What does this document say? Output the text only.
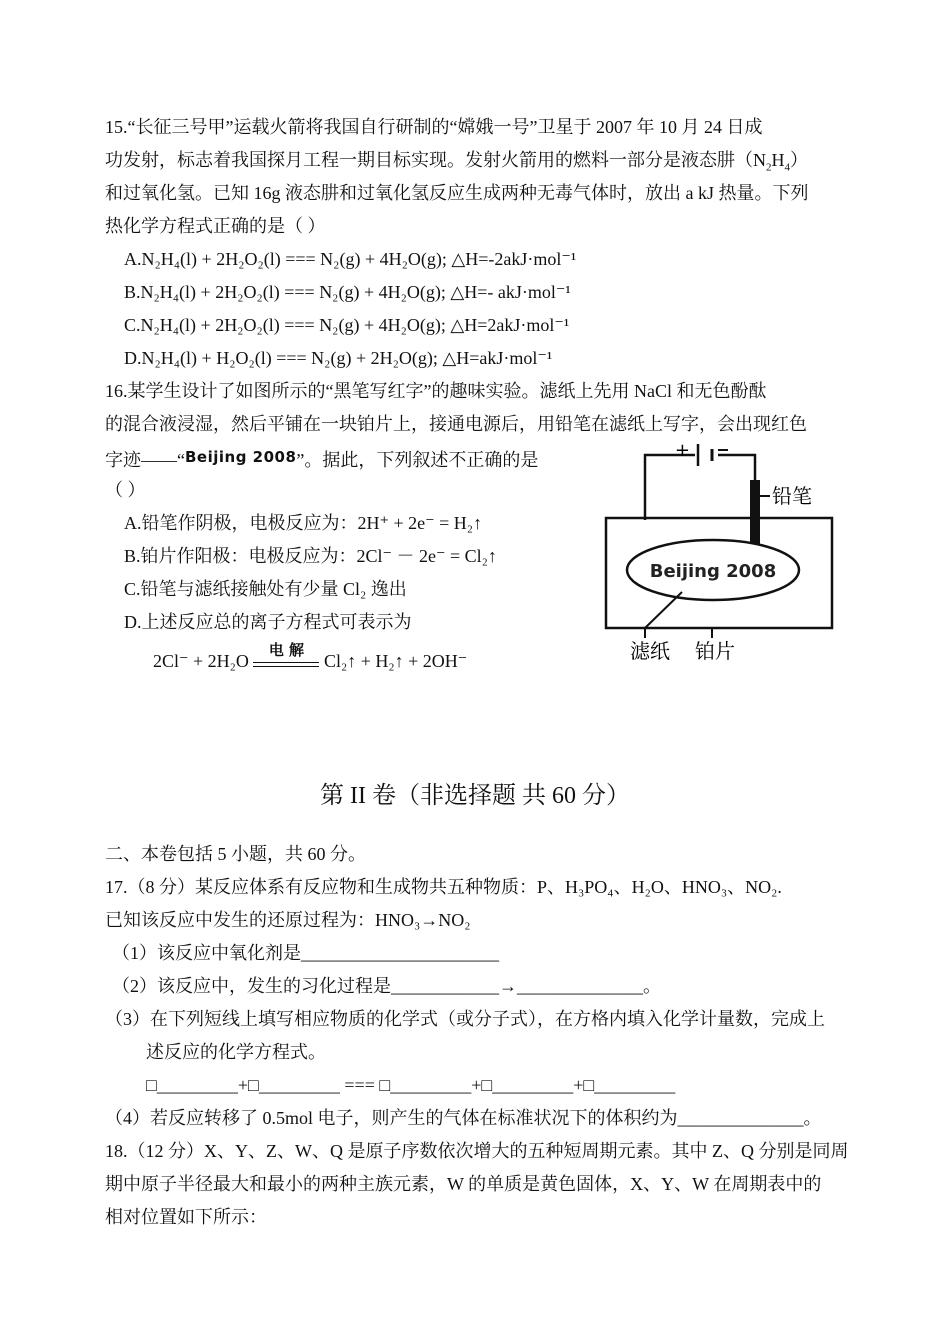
15.“长征三号甲”运载火箭将我国自行研制的“嫦娥一号”卫星于 2007 年 10 月 24 日成
功发射，标志着我国探月工程一期目标实现。发射火箭用的燃料一部分是液态肼$(N_2H_4)$
和过氧化氢。已知 16g 液态肼和过氧化氢反应生成两种无毒气体时，放出 a kJ 热量。下列
热化学方程式正确的是（ ）
A.N₂H₄(l) + 2H₂O₂(l) === N₂(g) + 4H₂O(g); △H=-2akJ·mol⁻¹
B.N₂H₄(l) + 2H₂O₂(l) === N₂(g) + 4H₂O(g); △H=- akJ·mol⁻¹
C.N₂H₄(l) + 2H₂O₂(l) === N₂(g) + 4H₂O(g); △H=2akJ·mol⁻¹
D.N₂H₄(l) + H₂O₂(l) === N₂(g) + 2H₂O(g); △H=akJ·mol⁻¹
16.某学生设计了如图所示的“黑笔写红字”的趣味实验。滤纸上先用 NaCl 和无色酚酞
的混合液浸湿，然后平铺在一块铂片上，接通电源后，用铅笔在滤纸上写字，会出现红色
字迹——“Beijing 2008”。据此，下列叙述不正确的是
（ ）
A.铅笔作阴极，电极反应为：2H⁺ + 2e⁻ = H₂↑
B.铂片作阳极：电极反应为：2Cl⁻ － 2e⁻ = Cl₂↑
C.铅笔与滤纸接触处有少量 Cl₂ 逸出
D.上述反应总的离子方程式可表示为
2Cl⁻ + 2H₂O
电 解
Cl₂↑ + H₂↑ + 2OH⁻
+
铅笔
Beijing 2008
滤纸 铂片
第 II 卷（非选择题 共 60 分）
二、本卷包括 5 小题，共 60 分。
17.（8 分）某反应体系有反应物和生成物共五种物质：P、H₃PO₄、H₂O、HNO₃、NO₂.
已知该反应中发生的还原过程为：HNO₃→NO₂
（1）该反应中氧化剂是______________________
（2）该反应中，发生的习化过程是____________→______________。
（3）在下列短线上填写相应物质的化学式（或分子式），在方格内填入化学计量数，完成上
述反应的化学方程式。
□_________+□_________ === □_________+□_________+□_________
（4）若反应转移了 0.5mol 电子，则产生的气体在标准状况下的体积约为______________。
18.（12 分）X、Y、Z、W、Q 是原子序数依次增大的五种短周期元素。其中 Z、Q 分别是同周
期中原子半径最大和最小的两种主族元素，W 的单质是黄色固体，X、Y、W 在周期表中的
相对位置如下所示：
